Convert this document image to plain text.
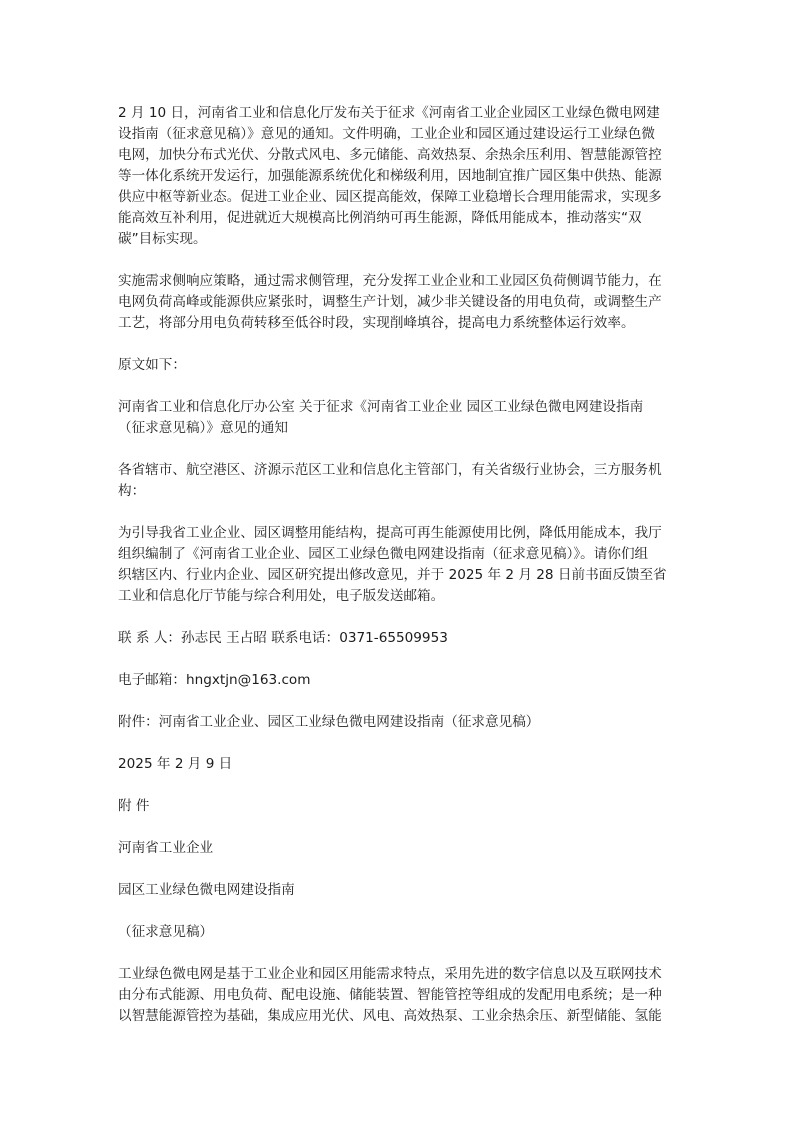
2 月 10 日，河南省工业和信息化厅发布关于征求《河南省工业企业园区工业绿色微电网建
设指南（征求意见稿）》意见的通知。文件明确，工业企业和园区通过建设运行工业绿色微
电网，加快分布式光伏、分散式风电、多元储能、高效热泵、余热余压利用、智慧能源管控
等一体化系统开发运行，加强能源系统优化和梯级利用，因地制宜推广园区集中供热、能源
供应中枢等新业态。促进工业企业、园区提高能效，保障工业稳增长合理用能需求，实现多
能高效互补利用，促进就近大规模高比例消纳可再生能源，降低用能成本，推动落实“双
碳”目标实现。

实施需求侧响应策略，通过需求侧管理，充分发挥工业企业和工业园区负荷侧调节能力，在
电网负荷高峰或能源供应紧张时，调整生产计划，减少非关键设备的用电负荷，或调整生产
工艺，将部分用电负荷转移至低谷时段，实现削峰填谷，提高电力系统整体运行效率。

原文如下：

河南省工业和信息化厅办公室 关于征求《河南省工业企业 园区工业绿色微电网建设指南
（征求意见稿）》意见的通知

各省辖市、航空港区、济源示范区工业和信息化主管部门，有关省级行业协会，三方服务机
构：

为引导我省工业企业、园区调整用能结构，提高可再生能源使用比例，降低用能成本，我厅
组织编制了《河南省工业企业、园区工业绿色微电网建设指南（征求意见稿）》。请你们组
织辖区内、行业内企业、园区研究提出修改意见，并于 2025 年 2 月 28 日前书面反馈至省
工业和信息化厅节能与综合利用处，电子版发送邮箱。

联 系 人：孙志民 王占昭 联系电话：0371-65509953

电子邮箱：hngxtjn@163.com

附件：河南省工业企业、园区工业绿色微电网建设指南（征求意见稿）

2025 年 2 月 9 日

附 件

河南省工业企业

园区工业绿色微电网建设指南

（征求意见稿）

工业绿色微电网是基于工业企业和园区用能需求特点，采用先进的数字信息以及互联网技术
由分布式能源、用电负荷、配电设施、储能装置、智能管控等组成的发配用电系统；是一种
以智慧能源管控为基础，集成应用光伏、风电、高效热泵、工业余热余压、新型储能、氢能
